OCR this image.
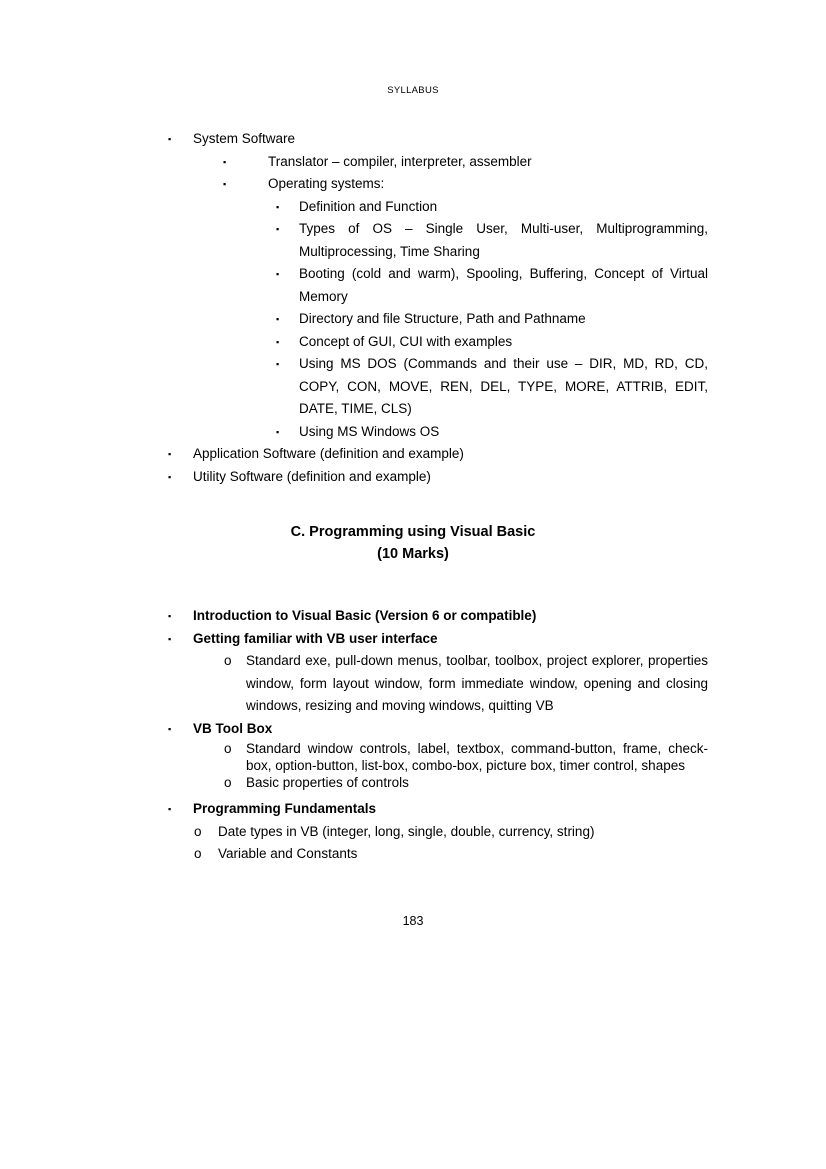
SYLLABUS
▪ System Software
▪	Translator – compiler, interpreter, assembler
▪	Operating systems:
▪ Definition and Function
▪ Types of OS – Single User, Multi-user, Multiprogramming, Multiprocessing, Time Sharing
▪ Booting (cold and warm), Spooling, Buffering, Concept of Virtual Memory
▪ Directory and file Structure, Path and Pathname
▪ Concept of GUI, CUI with examples
▪ Using MS DOS (Commands and their use – DIR, MD, RD, CD, COPY, CON, MOVE, REN, DEL, TYPE, MORE, ATTRIB, EDIT, DATE, TIME, CLS)
▪ Using MS Windows OS
▪ Application Software (definition and example)
▪ Utility Software (definition and example)
C. Programming using Visual Basic
(10 Marks)
▪ Introduction to Visual Basic (Version 6 or compatible)
▪ Getting familiar with VB user interface
o Standard exe, pull-down menus, toolbar, toolbox, project explorer, properties window, form layout window, form immediate window, opening and closing windows, resizing and moving windows, quitting VB
▪ VB Tool Box
o Standard window controls, label, textbox, command-button, frame, check-box, option-button, list-box, combo-box, picture box, timer control, shapes
o Basic properties of controls
▪ Programming Fundamentals
o Date types in VB (integer, long, single, double, currency, string)
o Variable and Constants
183
